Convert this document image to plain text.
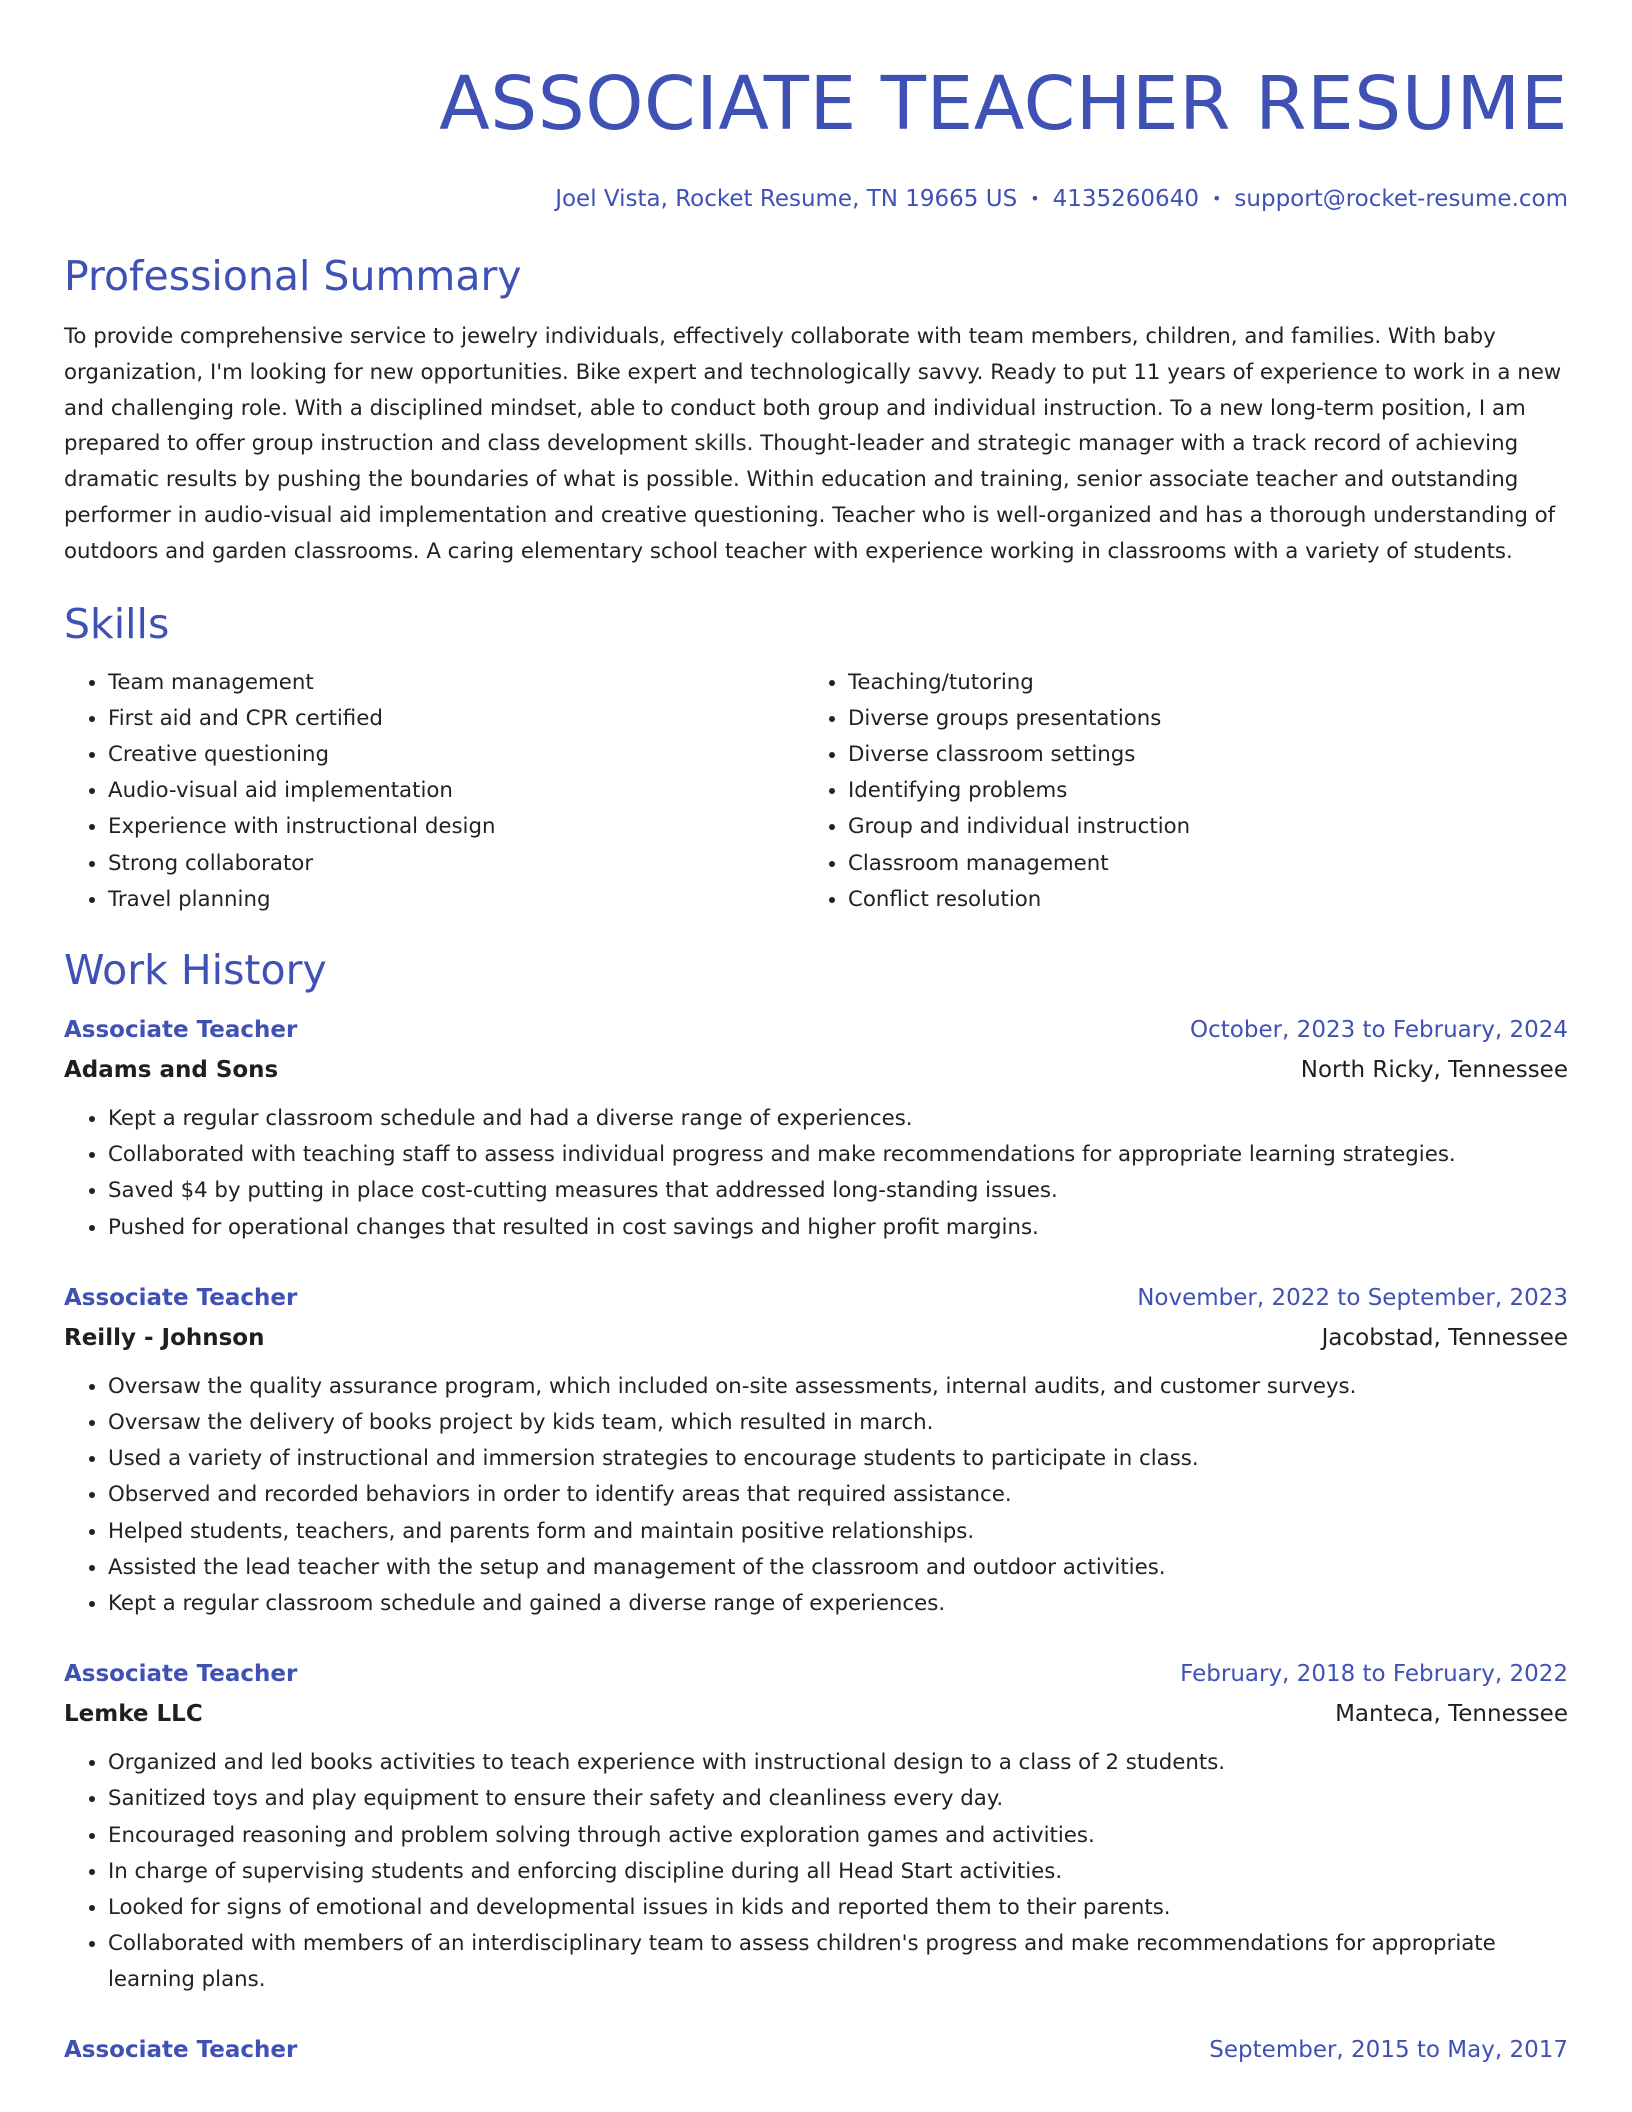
ASSOCIATE TEACHER RESUME
Joel Vista, Rocket Resume, TN 19665 US • 4135260640 • support@rocket-resume.com
Professional Summary
To provide comprehensive service to jewelry individuals, effectively collaborate with team members, children, and families. With baby organization, I'm looking for new opportunities. Bike expert and technologically savvy. Ready to put 11 years of experience to work in a new and challenging role. With a disciplined mindset, able to conduct both group and individual instruction. To a new long-term position, I am prepared to offer group instruction and class development skills. Thought-leader and strategic manager with a track record of achieving dramatic results by pushing the boundaries of what is possible. Within education and training, senior associate teacher and outstanding performer in audio-visual aid implementation and creative questioning. Teacher who is well-organized and has a thorough understanding of outdoors and garden classrooms. A caring elementary school teacher with experience working in classrooms with a variety of students.
Skills
• Team management
• First aid and CPR certified
• Creative questioning
• Audio-visual aid implementation
• Experience with instructional design
• Strong collaborator
• Travel planning
• Teaching/tutoring
• Diverse groups presentations
• Diverse classroom settings
• Identifying problems
• Group and individual instruction
• Classroom management
• Conflict resolution
Work History
Associate Teacher	October, 2023 to February, 2024
Adams and Sons	North Ricky, Tennessee
• Kept a regular classroom schedule and had a diverse range of experiences.
• Collaborated with teaching staff to assess individual progress and make recommendations for appropriate learning strategies.
• Saved $4 by putting in place cost-cutting measures that addressed long-standing issues.
• Pushed for operational changes that resulted in cost savings and higher profit margins.
Associate Teacher	November, 2022 to September, 2023
Reilly - Johnson	Jacobstad, Tennessee
• Oversaw the quality assurance program, which included on-site assessments, internal audits, and customer surveys.
• Oversaw the delivery of books project by kids team, which resulted in march.
• Used a variety of instructional and immersion strategies to encourage students to participate in class.
• Observed and recorded behaviors in order to identify areas that required assistance.
• Helped students, teachers, and parents form and maintain positive relationships.
• Assisted the lead teacher with the setup and management of the classroom and outdoor activities.
• Kept a regular classroom schedule and gained a diverse range of experiences.
Associate Teacher	February, 2018 to February, 2022
Lemke LLC	Manteca, Tennessee
• Organized and led books activities to teach experience with instructional design to a class of 2 students.
• Sanitized toys and play equipment to ensure their safety and cleanliness every day.
• Encouraged reasoning and problem solving through active exploration games and activities.
• In charge of supervising students and enforcing discipline during all Head Start activities.
• Looked for signs of emotional and developmental issues in kids and reported them to their parents.
• Collaborated with members of an interdisciplinary team to assess children's progress and make recommendations for appropriate learning plans.
Associate Teacher	September, 2015 to May, 2017
